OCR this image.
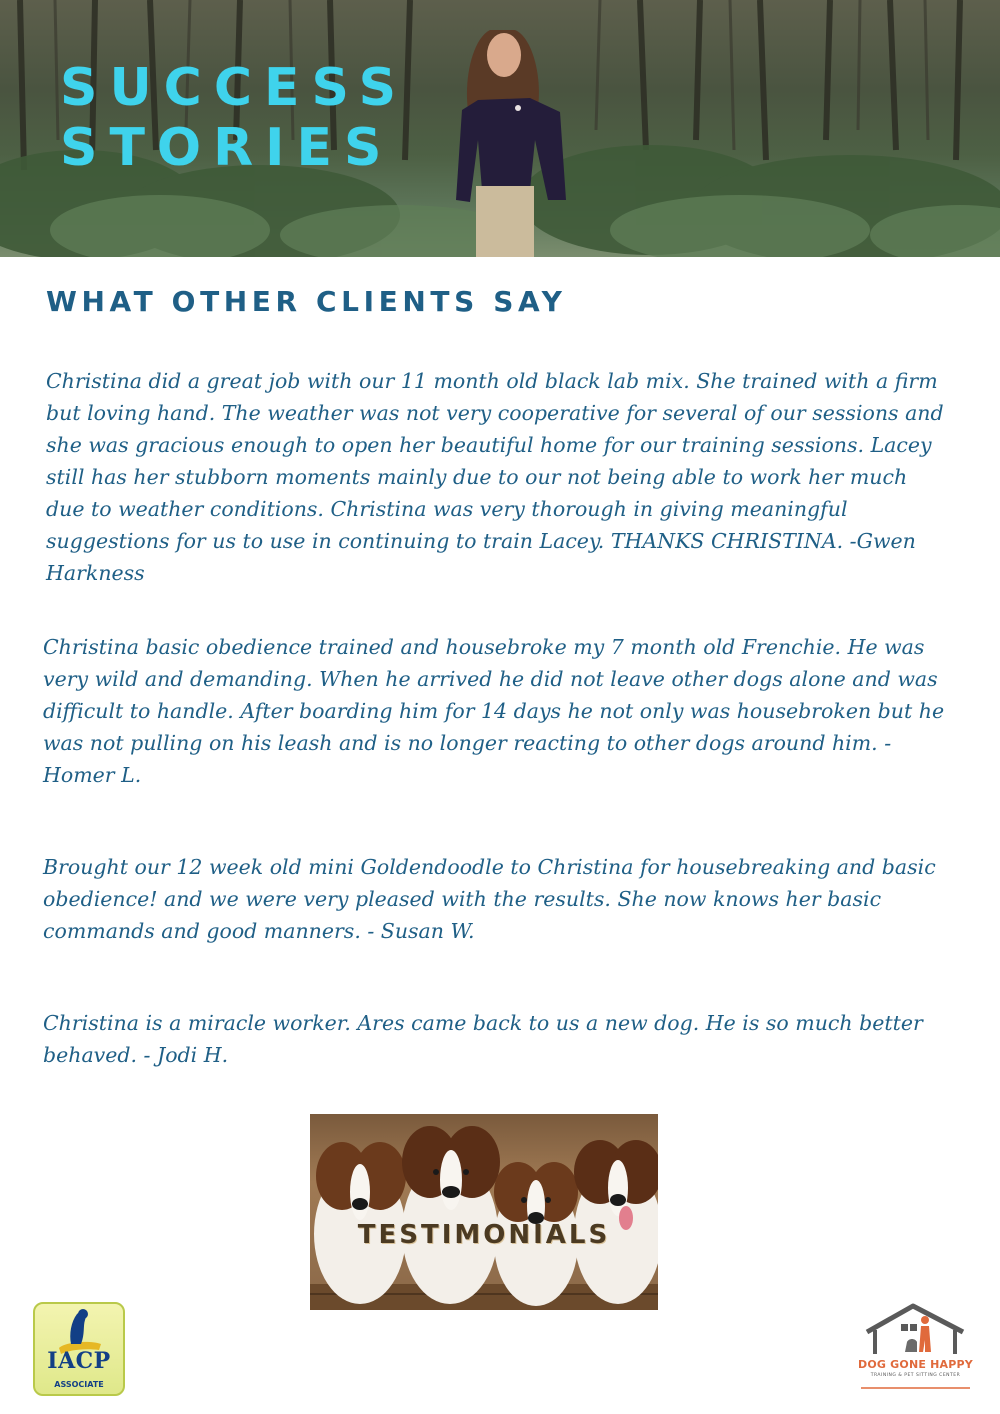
SUCCESS
STORIES
WHAT OTHER CLIENTS SAY

Christina did a great job with our 11 month old black lab mix. She trained with a firm but loving hand. The weather was not very cooperative for several of our sessions and she was gracious enough to open her beautiful home for our training sessions. Lacey still has her stubborn moments mainly due to our not being able to work her much due to weather conditions. Christina was very thorough in giving meaningful suggestions for us to use in continuing to train Lacey. THANKS CHRISTINA. -Gwen Harkness

Christina basic obedience trained and housebroke my 7 month old Frenchie. He was very wild and demanding. When he arrived he did not leave other dogs alone and was difficult to handle. After boarding him for 14 days he not only was housebroken but he was not pulling on his leash and is no longer reacting to other dogs around him. - Homer L.

Brought our 12 week old mini Goldendoodle to Christina for housebreaking and basic obedience! and we were very pleased with the results. She now knows her basic commands and good manners. - Susan W.

Christina is a miracle worker. Ares came back to us a new dog. He is so much better behaved. - Jodi H.

TESTIMONIALS
IACP
ASSOCIATE
DOG GONE HAPPY
TRAINING & PET SITTING CENTER
